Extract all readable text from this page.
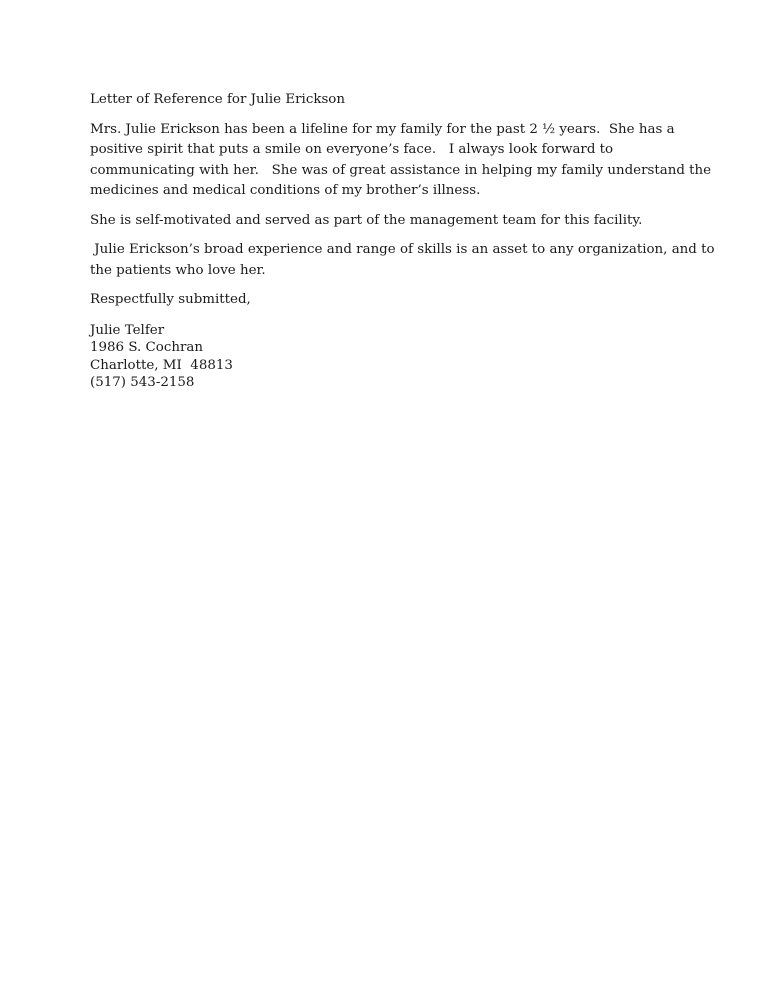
Letter of Reference for Julie Erickson
Mrs. Julie Erickson has been a lifeline for my family for the past 2 ½ years.  She has a
positive spirit that puts a smile on everyone’s face.   I always look forward to
communicating with her.   She was of great assistance in helping my family understand the
medicines and medical conditions of my brother’s illness.
She is self-motivated and served as part of the management team for this facility.
Julie Erickson’s broad experience and range of skills is an asset to any organization, and to
the patients who love her.
Respectfully submitted,
Julie Telfer
1986 S. Cochran
Charlotte, MI  48813
(517) 543-2158
